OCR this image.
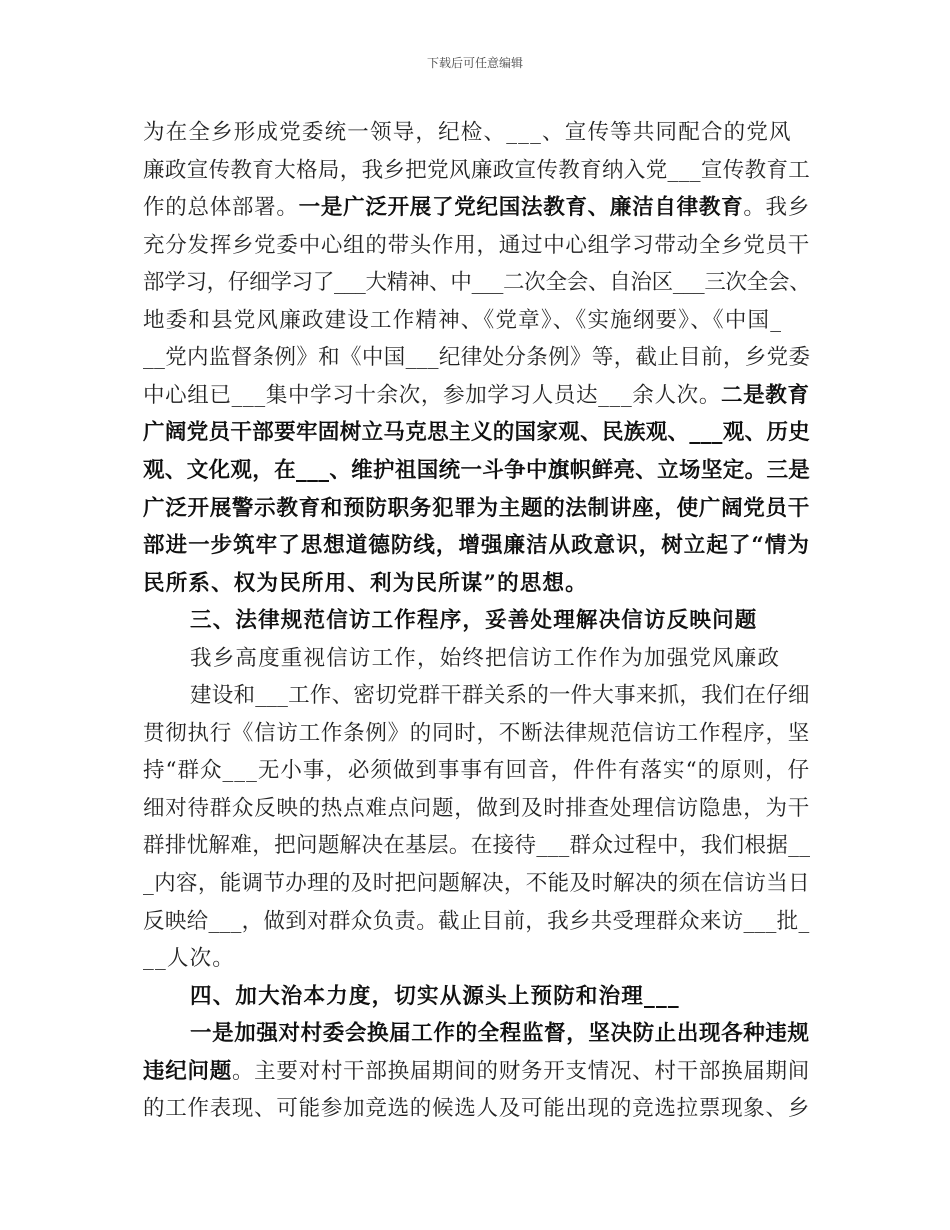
下载后可任意编辑
为在全乡形成党委统一领导，纪检、___、宣传等共同配合的党风
廉政宣传教育大格局，我乡把党风廉政宣传教育纳入党___宣传教育工
作的总体部署。一是广泛开展了党纪国法教育、廉洁自律教育。我乡
充分发挥乡党委中心组的带头作用，通过中心组学习带动全乡党员干
部学习，仔细学习了___大精神、中___二次全会、自治区___三次全会、
地委和县党风廉政建设工作精神、《党章》、《实施纲要》、《中国_
__党内监督条例》和《中国___纪律处分条例》等，截止目前，乡党委
中心组已___集中学习十余次，参加学习人员达___余人次。二是教育
广阔党员干部要牢固树立马克思主义的国家观、民族观、___观、历史
观、文化观，在___、维护祖国统一斗争中旗帜鲜亮、立场坚定。三是
广泛开展警示教育和预防职务犯罪为主题的法制讲座，使广阔党员干
部进一步筑牢了思想道德防线，增强廉洁从政意识，树立起了“情为
民所系、权为民所用、利为民所谋”的思想。
三、法律规范信访工作程序，妥善处理解决信访反映问题
我乡高度重视信访工作，始终把信访工作作为加强党风廉政
建设和___工作、密切党群干群关系的一件大事来抓，我们在仔细
贯彻执行《信访工作条例》的同时，不断法律规范信访工作程序，坚
持“群众___无小事，必须做到事事有回音，件件有落实“的原则，仔
细对待群众反映的热点难点问题，做到及时排查处理信访隐患，为干
群排忧解难，把问题解决在基层。在接待___群众过程中，我们根据__
_内容，能调节办理的及时把问题解决，不能及时解决的须在信访当日
反映给___，做到对群众负责。截止目前，我乡共受理群众来访___批_
__人次。
四、加大治本力度，切实从源头上预防和治理___
一是加强对村委会换届工作的全程监督，坚决防止出现各种违规
违纪问题。主要对村干部换届期间的财务开支情况、村干部换届期间
的工作表现、可能参加竞选的候选人及可能出现的竞选拉票现象、乡
